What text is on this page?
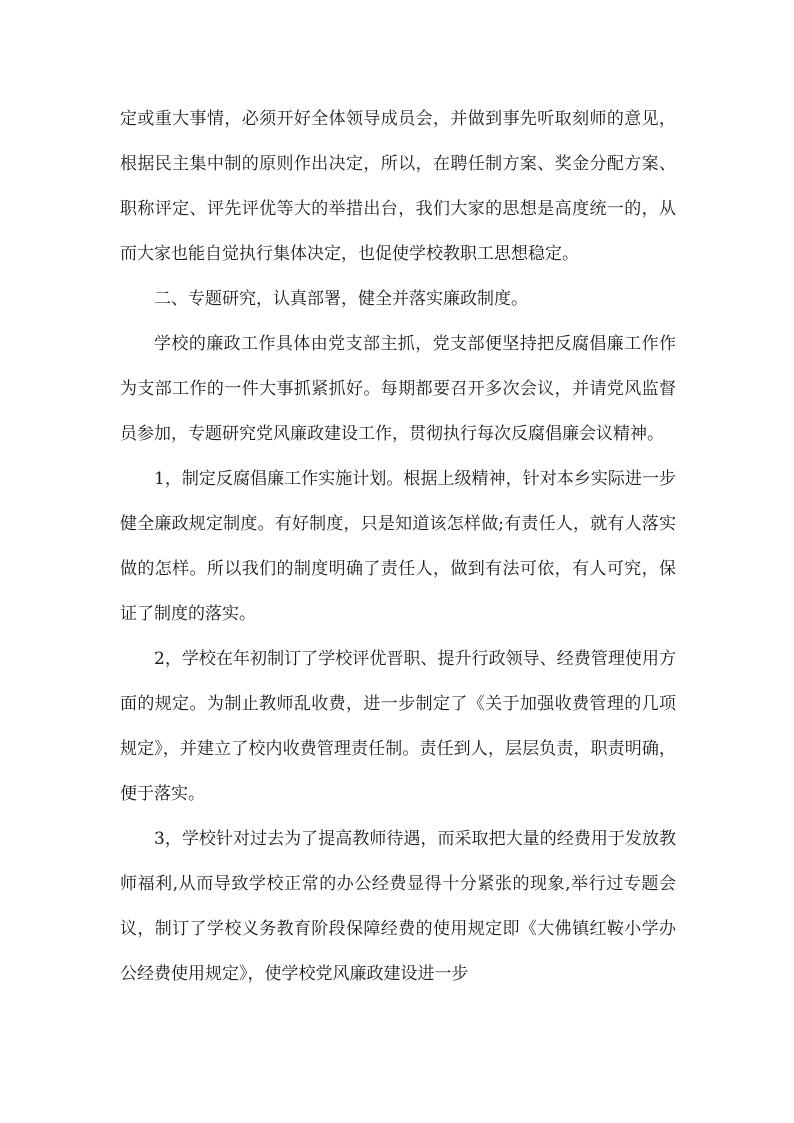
定或重大事情，必须开好全体领导成员会，并做到事先听取刻师的意见，根据民主集中制的原则作出决定，所以，在聘任制方案、奖金分配方案、职称评定、评先评优等大的举措出台，我们大家的思想是高度统一的，从而大家也能自觉执行集体决定，也促使学校教职工思想稳定。

二、专题研究，认真部署，健全并落实廉政制度。

学校的廉政工作具体由党支部主抓，党支部便坚持把反腐倡廉工作作为支部工作的一件大事抓紧抓好。每期都要召开多次会议，并请党风监督员参加，专题研究党风廉政建设工作，贯彻执行每次反腐倡廉会议精神。

1，制定反腐倡廉工作实施计划。根据上级精神，针对本乡实际进一步健全廉政规定制度。有好制度，只是知道该怎样做;有责任人，就有人落实做的怎样。所以我们的制度明确了责任人，做到有法可依，有人可究，保证了制度的落实。

2，学校在年初制订了学校评优晋职、提升行政领导、经费管理使用方面的规定。为制止教师乱收费，进一步制定了《关于加强收费管理的几项规定》，并建立了校内收费管理责任制。责任到人，层层负责，职责明确，便于落实。

3，学校针对过去为了提高教师待遇，而采取把大量的经费用于发放教师福利,从而导致学校正常的办公经费显得十分紧张的现象,举行过专题会议，制订了学校义务教育阶段保障经费的使用规定即《大佛镇红鞍小学办公经费使用规定》，使学校党风廉政建设进一步
